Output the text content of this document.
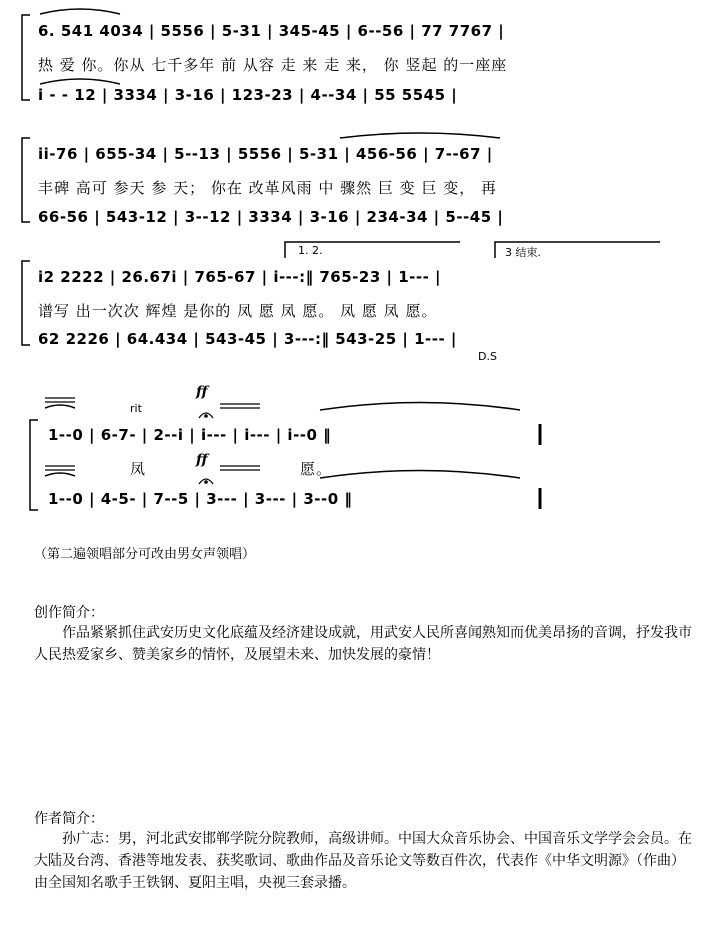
6. 541 4034 | 5556 | 5-31 | 345-45 | 6--56 | 77 7767 |
热 爱 你。你从 七千多年 前 从容 走 来 走 来， 你 竖起 的一座座
i - - 12 | 3334 | 3-16 | 123-23 | 4--34 | 55 5545 |
ii-76 | 655-34 | 5--13 | 5556 | 5-31 | 456-56 | 7--67 |
丰碑 高可 参天 参 天； 你在 改革风雨 中 骤然 巨 变 巨 变， 再
66-56 | 543-12 | 3--12 | 3334 | 3-16 | 234-34 | 5--45 |
1. 2.	3 结束.
i2 2222 | 26.67i | 765-67 | i---:‖ 765-23 | 1--- |
谱写 出一次次 辉煌 是你的 凤 愿 凤 愿。 凤 愿 凤 愿。
62 2226 | 64.434 | 543-45 | 3---:‖ 543-25 | 1--- |
D.S
rit
ff
1--0 | 6-7- | 2--i | i--- | i--- | i--0 ‖
凤	愿。
ff
1--0 | 4-5- | 7--5 | 3--- | 3--- | 3--0 ‖
（第二遍领唱部分可改由男女声领唱）
创作简介：
作品紧紧抓住武安历史文化底蕴及经济建设成就，用武安人民所喜闻熟知而优美昂扬的音调，抒发我市人民热爱家乡、赞美家乡的情怀，及展望未来、加快发展的豪情！
作者简介：
孙广志：男，河北武安邯郸学院分院教师，高级讲师。中国大众音乐协会、中国音乐文学学会会员。在大陆及台湾、香港等地发表、获奖歌词、歌曲作品及音乐论文等数百件次，代表作《中华文明源》（作曲）由全国知名歌手王铁钢、夏阳主唱，央视三套录播。
